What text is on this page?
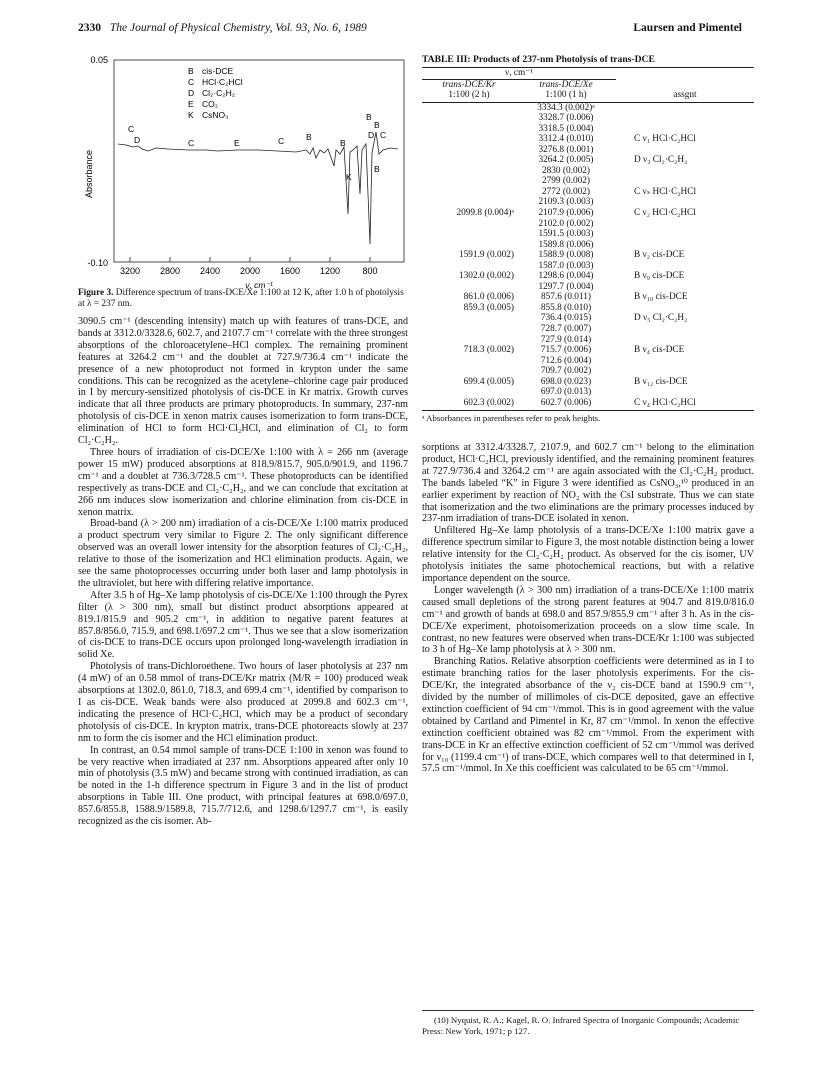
2330 The Journal of Physical Chemistry, Vol. 93, No. 6, 1989	Laursen and Pimentel
0.05
-0.10
Absorbance
3200 2800 2400 2000 1600 1200 800
ν, cm⁻¹
B cis-DCE
C HCl·C₂HCl
D Cl₂·C₂H₂
E CO₂
K CsNO₃
C
D	C	E	C	B
B
B
B
D C
B
K
Figure 3. Difference spectrum of trans-DCE/Xe 1:100 at 12 K, after 1.0 h of photolysis at λ = 237 nm.

3090.5 cm⁻¹ (descending intensity) match up with features of trans-DCE, and bands at 3312.0/3328.6, 602.7, and 2107.7 cm⁻¹ correlate with the three strongest absorptions of the chloroacetylene–HCl complex. The remaining prominent features at 3264.2 cm⁻¹ and the doublet at 727.9/736.4 cm⁻¹ indicate the presence of a new photoproduct not formed in krypton under the same conditions. This can be recognized as the acetylene–chlorine cage pair produced in I by mercury-sensitized photolysis of cis-DCE in Kr matrix. Growth curves indicate that all three products are primary photoproducts. In summary, 237-nm photolysis of cis-DCE in xenon matrix causes isomerization to form trans-DCE, elimination of HCl to form HCl·Cl₂HCl, and elimination of Cl₂ to form Cl₂·C₂H₂.

Three hours of irradiation of cis-DCE/Xe 1:100 with λ = 266 nm (average power 15 mW) produced absorptions at 818.9/815.7, 905.0/901.9, and 1196.7 cm⁻¹ and a doublet at 736.3/728.5 cm⁻¹. These photoproducts can be identified respectively as trans-DCE and Cl₂·C₂H₂, and we can conclude that excitation at 266 nm induces slow isomerization and chlorine elimination from cis-DCE in xenon matrix.

Broad-band (λ > 200 nm) irradiation of a cis-DCE/Xe 1:100 matrix produced a product spectrum very similar to Figure 2. The only significant difference observed was an overall lower intensity for the absorption features of Cl₂·C₂H₂, relative to those of the isomerization and HCl elimination products. Again, we see the same photoprocesses occurring under both laser and lamp photolysis in the ultraviolet, but here with differing relative importance.

After 3.5 h of Hg–Xe lamp photolysis of cis-DCE/Xe 1:100 through the Pyrex filter (λ > 300 nm), small but distinct product absorptions appeared at 819.1/815.9 and 905.2 cm⁻¹, in addition to negative parent features at 857.8/856.0, 715.9, and 698.1/697.2 cm⁻¹. Thus we see that a slow isomerization of cis-DCE to trans-DCE occurs upon prolonged long-wavelength irradiation in solid Xe.

Photolysis of trans-Dichloroethene. Two hours of laser photolysis at 237 nm (4 mW) of an 0.58 mmol of trans-DCE/Kr matrix (M/R = 100) produced weak absorptions at 1302.0, 861.0, 718.3, and 699.4 cm⁻¹, identified by comparison to I as cis-DCE. Weak bands were also produced at 2099.8 and 602.3 cm⁻¹, indicating the presence of HCl·C₂HCl, which may be a product of secondary photolysis of cis-DCE. In krypton matrix, trans-DCE photoreacts slowly at 237 nm to form the cis isomer and the HCl elimination product.

In contrast, an 0.54 mmol sample of trans-DCE 1:100 in xenon was found to be very reactive when irradiated at 237 nm. Absorptions appeared after only 10 min of photolysis (3.5 mW) and became strong with continued irradiation, as can be noted in the 1-h difference spectrum in Figure 3 and in the list of product absorptions in Table III. One product, with principal features at 698.0/697.0, 857.6/855.8, 1588.9/1589.8, 715.7/712.6, and 1298.6/1297.7 cm⁻¹, is easily recognized as the cis isomer. Ab-

TABLE III: Products of 237-nm Photolysis of trans-DCE
ν, cm⁻¹		
trans-DCE/Kr	trans-DCE/Xe	
1:100 (2 h)	1:100 (1 h)	assgnt

	3334.3 (0.002)ᵃ	
	3328.7 (0.006)	
	3318.5 (0.004)	
	3312.4 (0.010)	C ν₁ HCl·C₂HCl
	3276.8 (0.001)	
	3264.2 (0.005)	D ν₃ Cl₂·C₂H₂
	2830 (0.002)	
	2799 (0.002)	
	2772 (0.002)	C νₛ HCl·C₂HCl
	2109.3 (0.003)	
2099.8 (0.004)ᵃ	2107.9 (0.006)	C ν₂ HCl·C₂HCl
	2102.0 (0.002)	
	1591.5 (0.003)	
	1589.8 (0.006)	
1591.9 (0.002)	1588.9 (0.008)	B ν₂ cis-DCE
	1587.0 (0.003)	
1302.0 (0.002)	1298.6 (0.004)	B ν₉ cis-DCE
	1297.7 (0.004)	
861.0 (0.006)	857.6 (0.011)	B ν₁₀ cis-DCE
859.3 (0.005)	855.8 (0.010)	
	736.4 (0.015)	D ν₅ Cl₂·C₂H₂
	728.7 (0.007)	
	727.9 (0.014)	
718.3 (0.002)	715.7 (0.006)	B ν₄ cis-DCE
	712.6 (0.004)	
	709.7 (0.002)	
699.4 (0.005)	698.0 (0.023)	B ν₁₂ cis-DCE
	697.0 (0.013)	
602.3 (0.002)	602.7 (0.006)	C ν₄ HCl·C₂HCl
ᵃ Absorbances in parentheses refer to peak heights.

sorptions at 3312.4/3328.7, 2107.9, and 602.7 cm⁻¹ belong to the elimination product, HCl·C₂HCl, previously identified, and the remaining prominent features at 727.9/736.4 and 3264.2 cm⁻¹ are again associated with the Cl₂·C₂H₂ product. The bands labeled “K” in Figure 3 were identified as CsNO₃,¹⁰ produced in an earlier experiment by reaction of NO₂ with the CsI substrate. Thus we can state that isomerization and the two eliminations are the primary processes induced by 237-nm irradiation of trans-DCE isolated in xenon.

Unfiltered Hg–Xe lamp photolysis of a trans-DCE/Xe 1:100 matrix gave a difference spectrum similar to Figure 3, the most notable distinction being a lower relative intensity for the Cl₂·C₂H₂ product. As observed for the cis isomer, UV photolysis initiates the same photochemical reactions, but with a relative importance dependent on the source.

Longer wavelength (λ > 300 nm) irradiation of a trans-DCE/Xe 1:100 matrix caused small depletions of the strong parent features at 904.7 and 819.0/816.0 cm⁻¹ and growth of bands at 698.0 and 857.9/855.9 cm⁻¹ after 3 h. As in the cis-DCE/Xe experiment, photoisomerization proceeds on a slow time scale. In contrast, no new features were observed when trans-DCE/Kr 1:100 was subjected to 3 h of Hg–Xe lamp photolysis at λ > 300 nm.

Branching Ratios. Relative absorption coefficients were determined as in I to estimate branching ratios for the laser photolysis experiments. For the cis-DCE/Kr, the integrated absorbance of the ν₂ cis-DCE band at 1590.9 cm⁻¹, divided by the number of millimoles of cis-DCE deposited, gave an effective extinction coefficient of 94 cm⁻¹/mmol. This is in good agreement with the value obtained by Cartland and Pimentel in Kr, 87 cm⁻¹/mmol. In xenon the effective extinction coefficient obtained was 82 cm⁻¹/mmol. From the experiment with trans-DCE in Kr an effective extinction coefficient of 52 cm⁻¹/mmol was derived for ν₁₀ (1199.4 cm⁻¹) of trans-DCE, which compares well to that determined in I, 57.5 cm⁻¹/mmol. In Xe this coefficient was calculated to be 65 cm⁻¹/mmol.

(10) Nyquist, R. A.; Kagel, R. O. Infrared Spectra of Inorganic Compounds; Academic Press: New York, 1971; p 127.
